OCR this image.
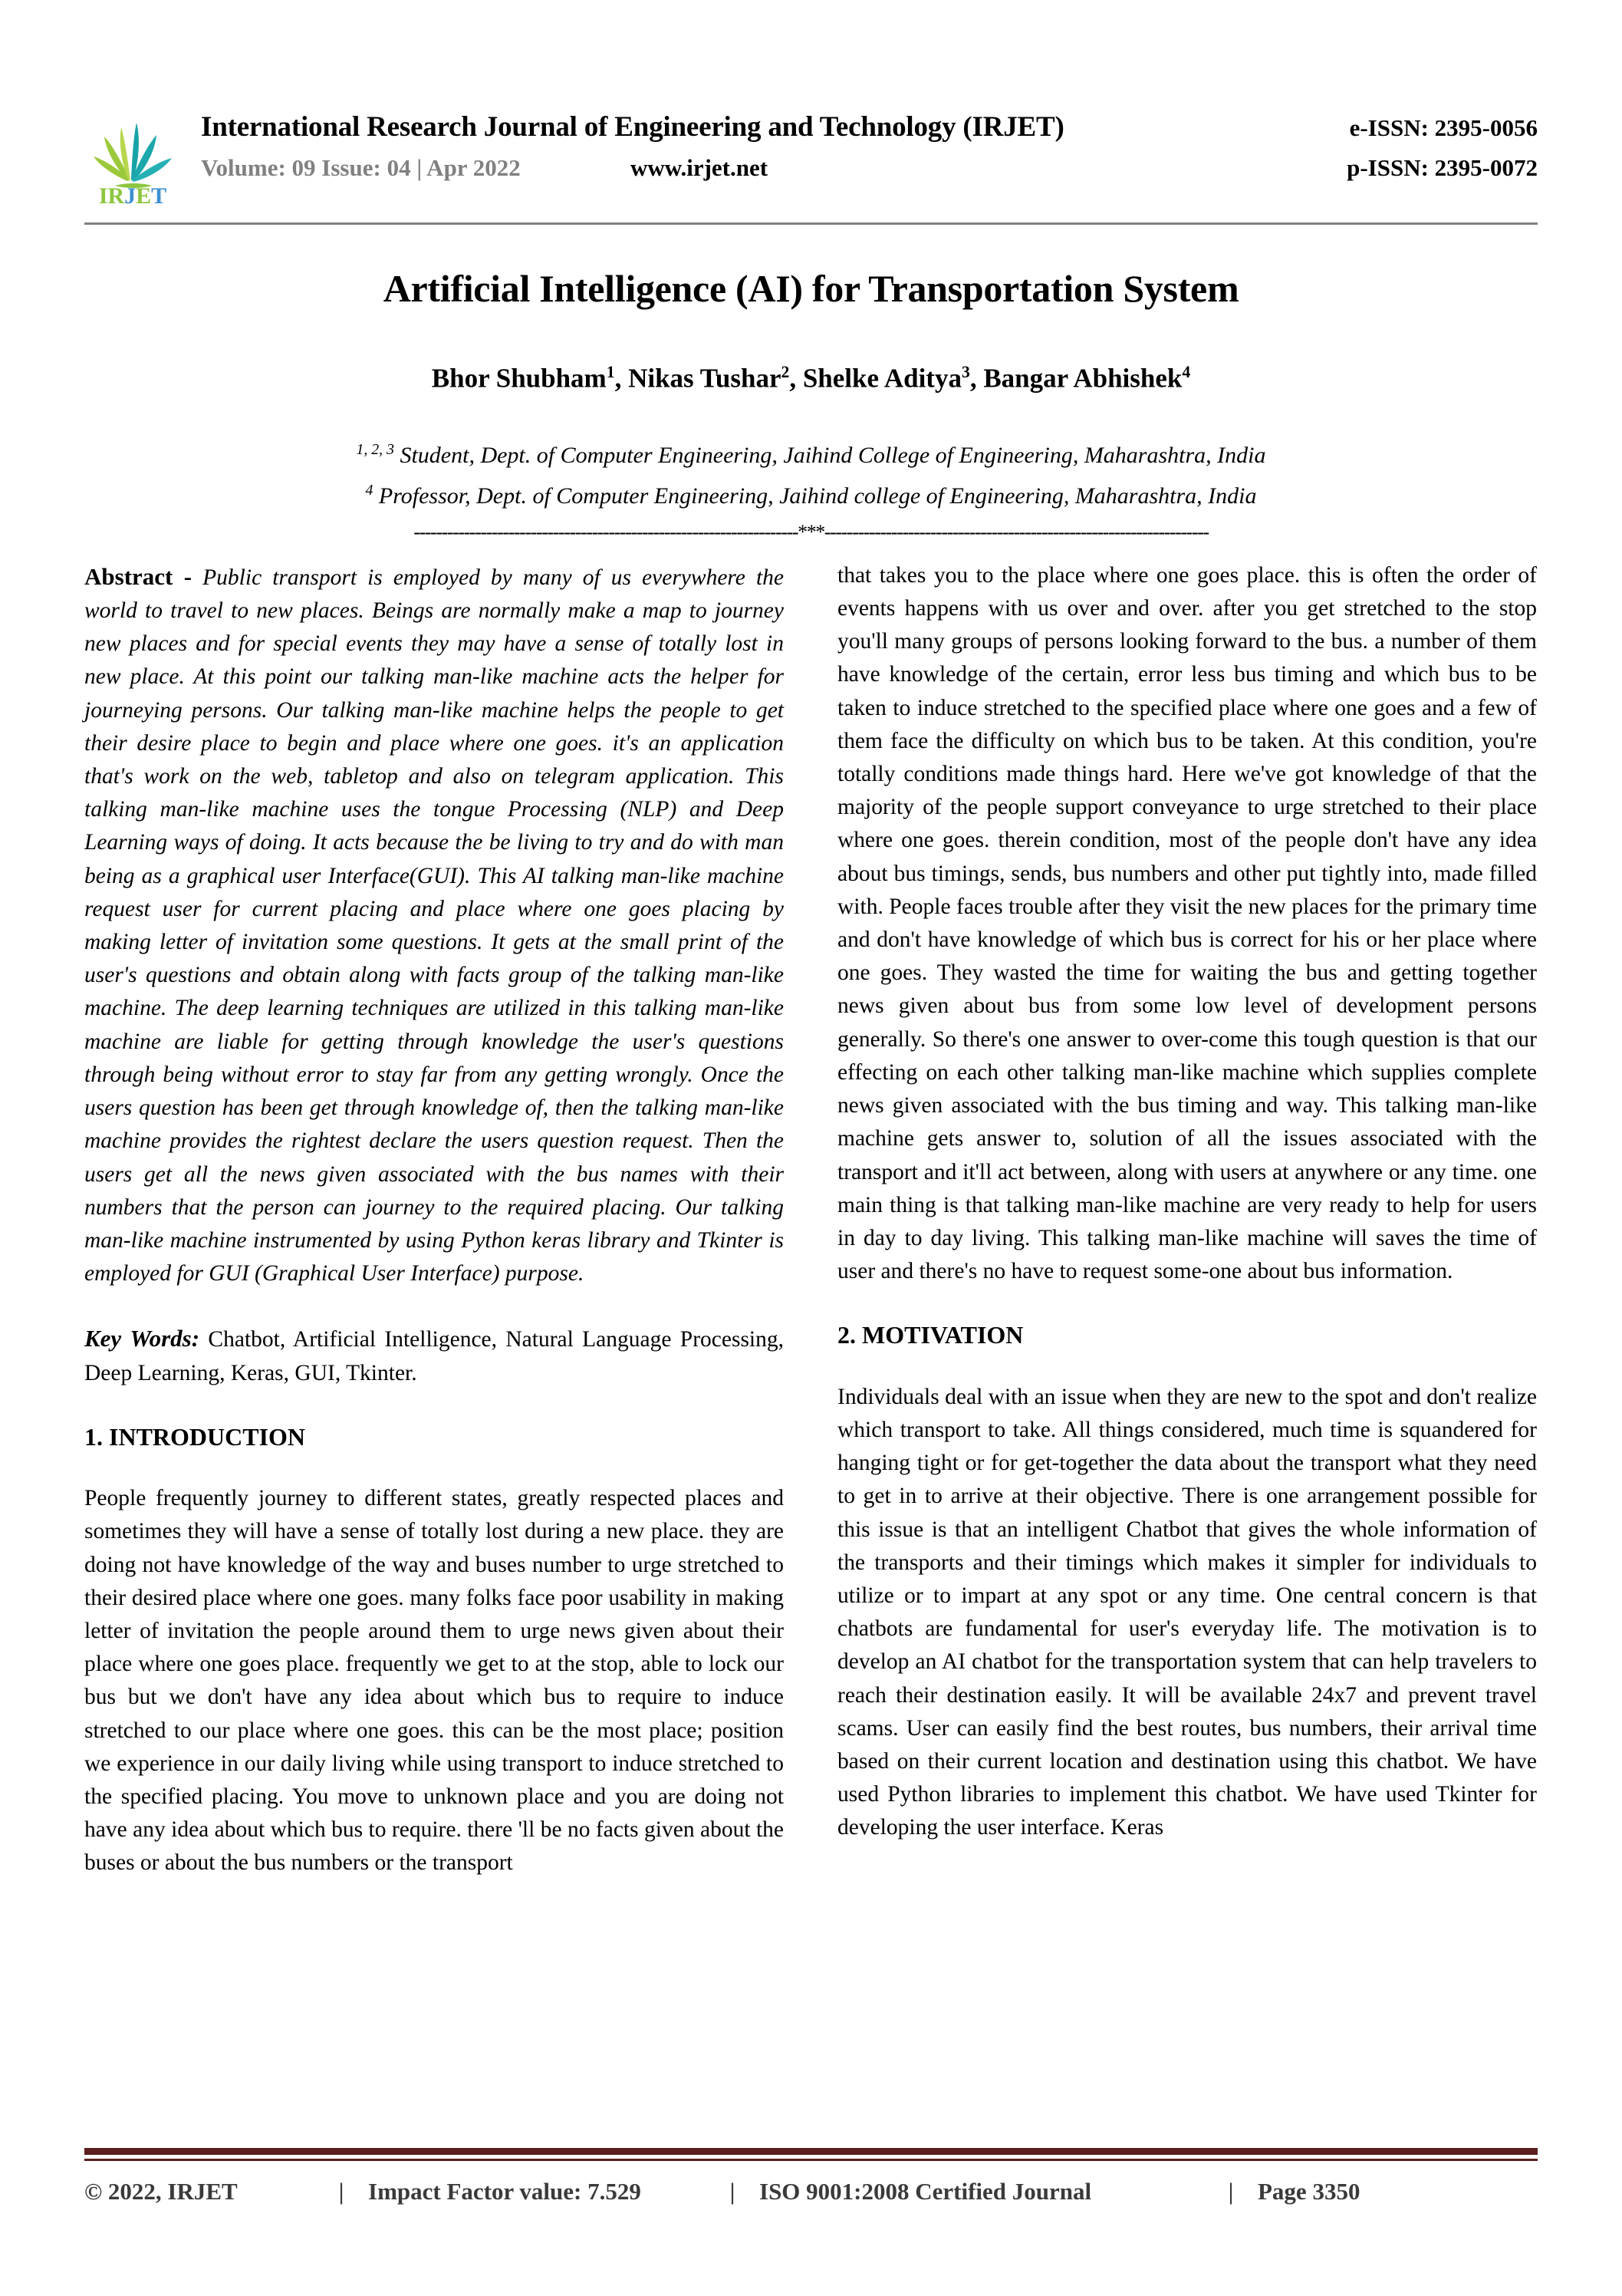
IRJET
International Research Journal of Engineering and Technology (IRJET)	e-ISSN: 2395-0056
Volume: 09 Issue: 04 | Apr 2022	www.irjet.net	p-ISSN: 2395-0072
Artificial Intelligence (AI) for Transportation System
Bhor Shubham$^1$, Nikas Tushar$^2$, Shelke Aditya$^3$, Bangar Abhishek$^4$
$^{1, 2, 3}$ Student, Dept. of Computer Engineering, Jaihind College of Engineering, Maharashtra, India
$^4$ Professor, Dept. of Computer Engineering, Jaihind college of Engineering, Maharashtra, India
---------------------------------------------------------------------***---------------------------------------------------------------------

Abstract - Public transport is employed by many of us everywhere the world to travel to new places. Beings are normally make a map to journey new places and for special events they may have a sense of totally lost in new place. At this point our talking man-like machine acts the helper for journeying persons. Our talking man-like machine helps the people to get their desire place to begin and place where one goes. it's an application that's work on the web, tabletop and also on telegram application. This talking man-like machine uses the tongue Processing (NLP) and Deep Learning ways of doing. It acts because the be living to try and do with man being as a graphical user Interface(GUI). This AI talking man-like machine request user for current placing and place where one goes placing by making letter of invitation some questions. It gets at the small print of the user's questions and obtain along with facts group of the talking man-like machine. The deep learning techniques are utilized in this talking man-like machine are liable for getting through knowledge the user's questions through being without error to stay far from any getting wrongly. Once the users question has been get through knowledge of, then the talking man-like machine provides the rightest declare the users question request. Then the users get all the news given associated with the bus names with their numbers that the person can journey to the required placing. Our talking man-like machine instrumented by using Python keras library and Tkinter is employed for GUI (Graphical User Interface) purpose.

Key Words: Chatbot, Artificial Intelligence, Natural Language Processing, Deep Learning, Keras, GUI, Tkinter.

1. INTRODUCTION

People frequently journey to different states, greatly respected places and sometimes they will have a sense of totally lost during a new place. they are doing not have knowledge of the way and buses number to urge stretched to their desired place where one goes. many folks face poor usability in making letter of invitation the people around them to urge news given about their place where one goes place. frequently we get to at the stop, able to lock our bus but we don't have any idea about which bus to require to induce stretched to our place where one goes. this can be the most place; position we experience in our daily living while using transport to induce stretched to the specified placing. You move to unknown place and you are doing not have any idea about which bus to require. there 'll be no facts given about the buses or about the bus numbers or the transport

that takes you to the place where one goes place. this is often the order of events happens with us over and over. after you get stretched to the stop you'll many groups of persons looking forward to the bus. a number of them have knowledge of the certain, error less bus timing and which bus to be taken to induce stretched to the specified place where one goes and a few of them face the difficulty on which bus to be taken. At this condition, you're totally conditions made things hard. Here we've got knowledge of that the majority of the people support conveyance to urge stretched to their place where one goes. therein condition, most of the people don't have any idea about bus timings, sends, bus numbers and other put tightly into, made filled with. People faces trouble after they visit the new places for the primary time and don't have knowledge of which bus is correct for his or her place where one goes. They wasted the time for waiting the bus and getting together news given about bus from some low level of development persons generally. So there's one answer to over-come this tough question is that our effecting on each other talking man-like machine which supplies complete news given associated with the bus timing and way. This talking man-like machine gets answer to, solution of all the issues associated with the transport and it'll act between, along with users at anywhere or any time. one main thing is that talking man-like machine are very ready to help for users in day to day living. This talking man-like machine will saves the time of user and there's no have to request some-one about bus information.

2. MOTIVATION

Individuals deal with an issue when they are new to the spot and don't realize which transport to take. All things considered, much time is squandered for hanging tight or for get-together the data about the transport what they need to get in to arrive at their objective. There is one arrangement possible for this issue is that an intelligent Chatbot that gives the whole information of the transports and their timings which makes it simpler for individuals to utilize or to impart at any spot or any time. One central concern is that chatbots are fundamental for user's everyday life. The motivation is to develop an AI chatbot for the transportation system that can help travelers to reach their destination easily. It will be available 24x7 and prevent travel scams. User can easily find the best routes, bus numbers, their arrival time based on their current location and destination using this chatbot. We have used Python libraries to implement this chatbot. We have used Tkinter for developing the user interface. Keras

© 2022, IRJET	|	Impact Factor value: 7.529	|	ISO 9001:2008 Certified Journal	|	Page 3350
